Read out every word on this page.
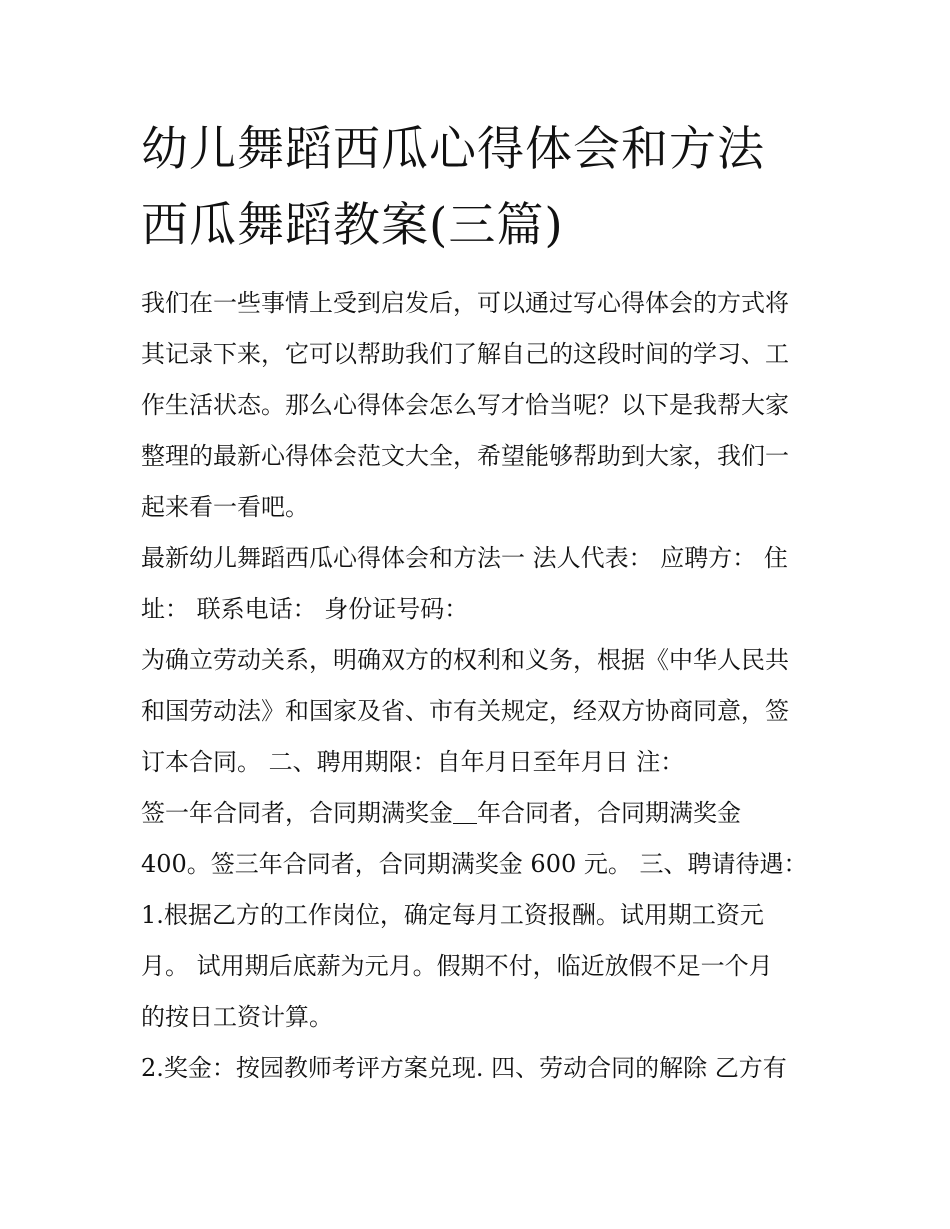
幼儿舞蹈西瓜心得体会和方法
西瓜舞蹈教案(三篇)

我们在一些事情上受到启发后，可以通过写心得体会的方式将
其记录下来，它可以帮助我们了解自己的这段时间的学习、工
作生活状态。那么心得体会怎么写才恰当呢？以下是我帮大家
整理的最新心得体会范文大全，希望能够帮助到大家，我们一
起来看一看吧。

最新幼儿舞蹈西瓜心得体会和方法一 法人代表： 应聘方： 住
址： 联系电话： 身份证号码：

为确立劳动关系，明确双方的权利和义务，根据《中华人民共
和国劳动法》和国家及省、市有关规定，经双方协商同意，签
订本合同。 二、聘用期限：自年月日至年月日 注：

签一年合同者，合同期满奖金＿年合同者，合同期满奖金
400。签三年合同者，合同期满奖金 600 元。 三、聘请待遇：

1.根据乙方的工作岗位，确定每月工资报酬。试用期工资元
月。 试用期后底薪为元月。假期不付，临近放假不足一个月
的按日工资计算。

2.奖金：按园教师考评方案兑现. 四、劳动合同的解除 乙方有
